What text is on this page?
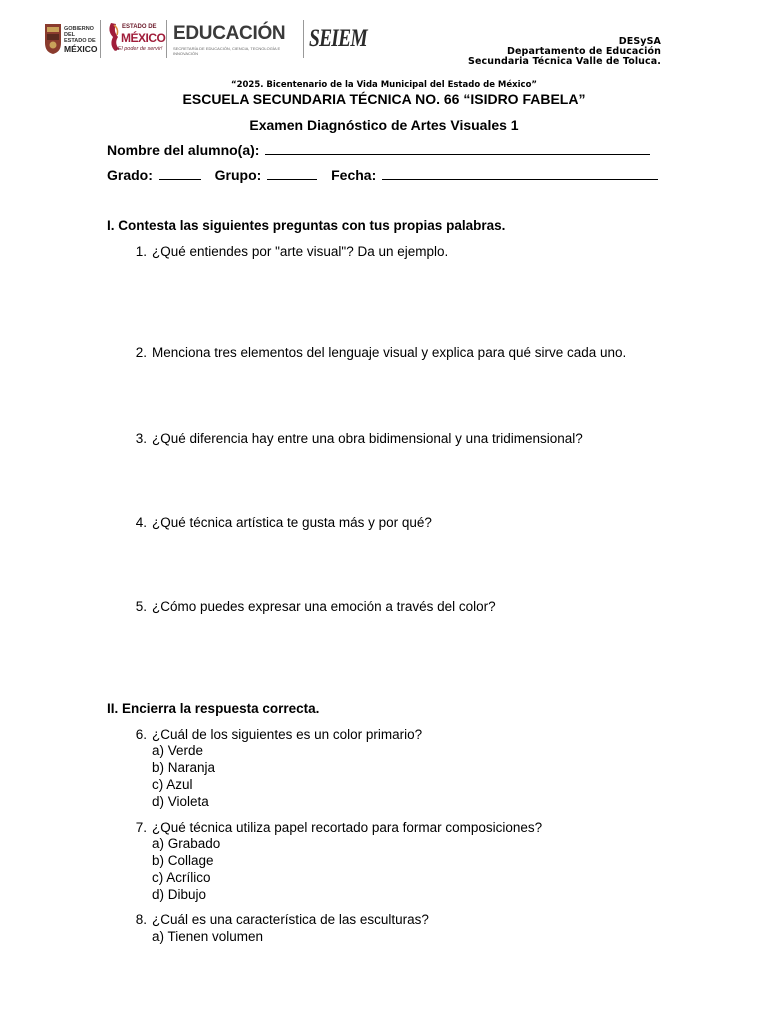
GOBIERNO DEL
ESTADO DE
MÉXICO
ESTADO DE
MÉXICO
¡El poder de servir!
EDUCACIÓN
SECRETARÍA DE EDUCACIÓN, CIENCIA, TECNOLOGÍA E INNOVACIÓN
SEIEM	DESySA
Departamento de Educación
Secundaria Técnica Valle de Toluca.
“2025. Bicentenario de la Vida Municipal del Estado de México”
ESCUELA SECUNDARIA TÉCNICA NO. 66 “ISIDRO FABELA”
Examen Diagnóstico de Artes Visuales 1
Nombre del alumno(a):
Grado:	Grupo:	Fecha:
I. Contesta las siguientes preguntas con tus propias palabras.
1. ¿Qué entiendes por "arte visual"? Da un ejemplo.
2. Menciona tres elementos del lenguaje visual y explica para qué sirve cada uno.
3. ¿Qué diferencia hay entre una obra bidimensional y una tridimensional?
4. ¿Qué técnica artística te gusta más y por qué?
5. ¿Cómo puedes expresar una emoción a través del color?
II. Encierra la respuesta correcta.
6. ¿Cuál de los siguientes es un color primario?
a) Verde
b) Naranja
c) Azul
d) Violeta
7. ¿Qué técnica utiliza papel recortado para formar composiciones?
a) Grabado
b) Collage
c) Acrílico
d) Dibujo
8. ¿Cuál es una característica de las esculturas?
a) Tienen volumen
